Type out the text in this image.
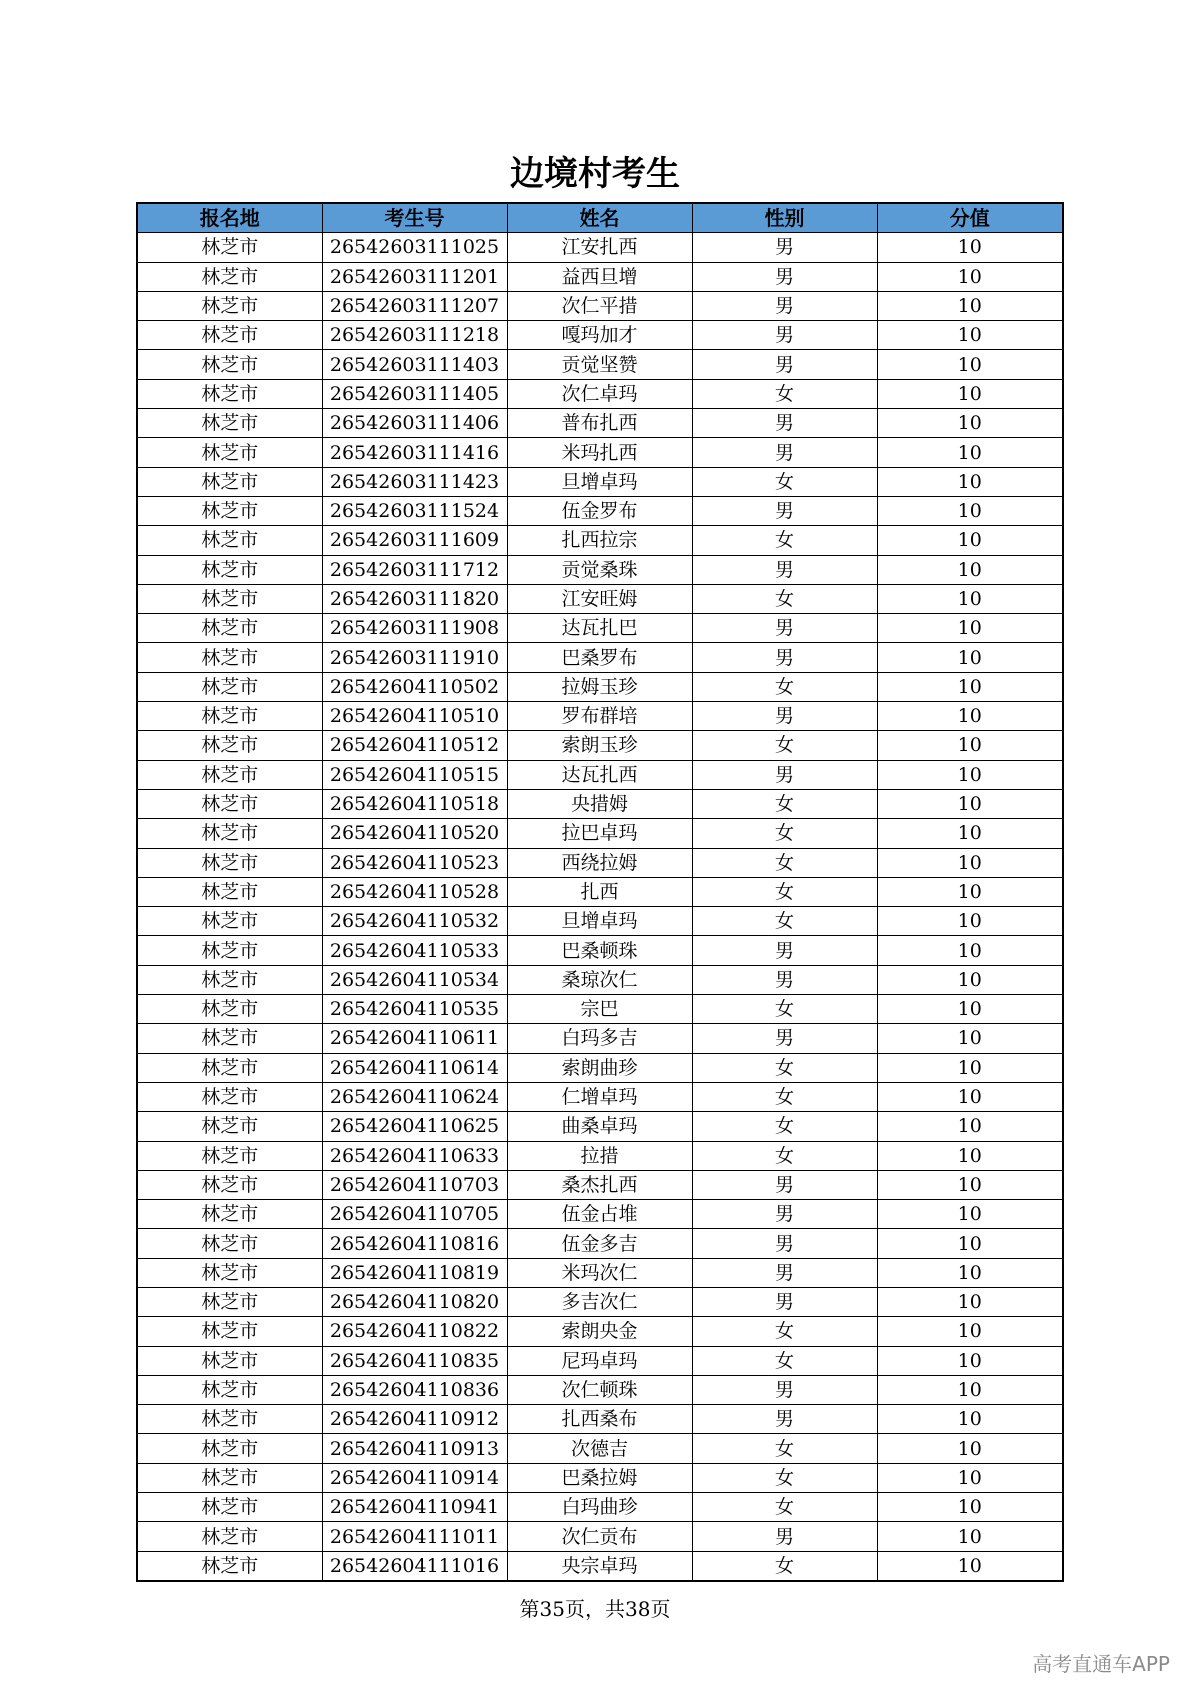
边境村考生
报名地	考生号	姓名	性别	分值
林芝市	26542603111025	江安扎西	男	10
林芝市	26542603111201	益西旦增	男	10
林芝市	26542603111207	次仁平措	男	10
林芝市	26542603111218	嘎玛加才	男	10
林芝市	26542603111403	贡觉坚赞	男	10
林芝市	26542603111405	次仁卓玛	女	10
林芝市	26542603111406	普布扎西	男	10
林芝市	26542603111416	米玛扎西	男	10
林芝市	26542603111423	旦增卓玛	女	10
林芝市	26542603111524	伍金罗布	男	10
林芝市	26542603111609	扎西拉宗	女	10
林芝市	26542603111712	贡觉桑珠	男	10
林芝市	26542603111820	江安旺姆	女	10
林芝市	26542603111908	达瓦扎巴	男	10
林芝市	26542603111910	巴桑罗布	男	10
林芝市	26542604110502	拉姆玉珍	女	10
林芝市	26542604110510	罗布群培	男	10
林芝市	26542604110512	索朗玉珍	女	10
林芝市	26542604110515	达瓦扎西	男	10
林芝市	26542604110518	央措姆	女	10
林芝市	26542604110520	拉巴卓玛	女	10
林芝市	26542604110523	西绕拉姆	女	10
林芝市	26542604110528	扎西	女	10
林芝市	26542604110532	旦增卓玛	女	10
林芝市	26542604110533	巴桑顿珠	男	10
林芝市	26542604110534	桑琼次仁	男	10
林芝市	26542604110535	宗巴	女	10
林芝市	26542604110611	白玛多吉	男	10
林芝市	26542604110614	索朗曲珍	女	10
林芝市	26542604110624	仁增卓玛	女	10
林芝市	26542604110625	曲桑卓玛	女	10
林芝市	26542604110633	拉措	女	10
林芝市	26542604110703	桑杰扎西	男	10
林芝市	26542604110705	伍金占堆	男	10
林芝市	26542604110816	伍金多吉	男	10
林芝市	26542604110819	米玛次仁	男	10
林芝市	26542604110820	多吉次仁	男	10
林芝市	26542604110822	索朗央金	女	10
林芝市	26542604110835	尼玛卓玛	女	10
林芝市	26542604110836	次仁顿珠	男	10
林芝市	26542604110912	扎西桑布	男	10
林芝市	26542604110913	次德吉	女	10
林芝市	26542604110914	巴桑拉姆	女	10
林芝市	26542604110941	白玛曲珍	女	10
林芝市	26542604111011	次仁贡布	男	10
林芝市	26542604111016	央宗卓玛	女	10
第35页，共38页
高考直通车APP
